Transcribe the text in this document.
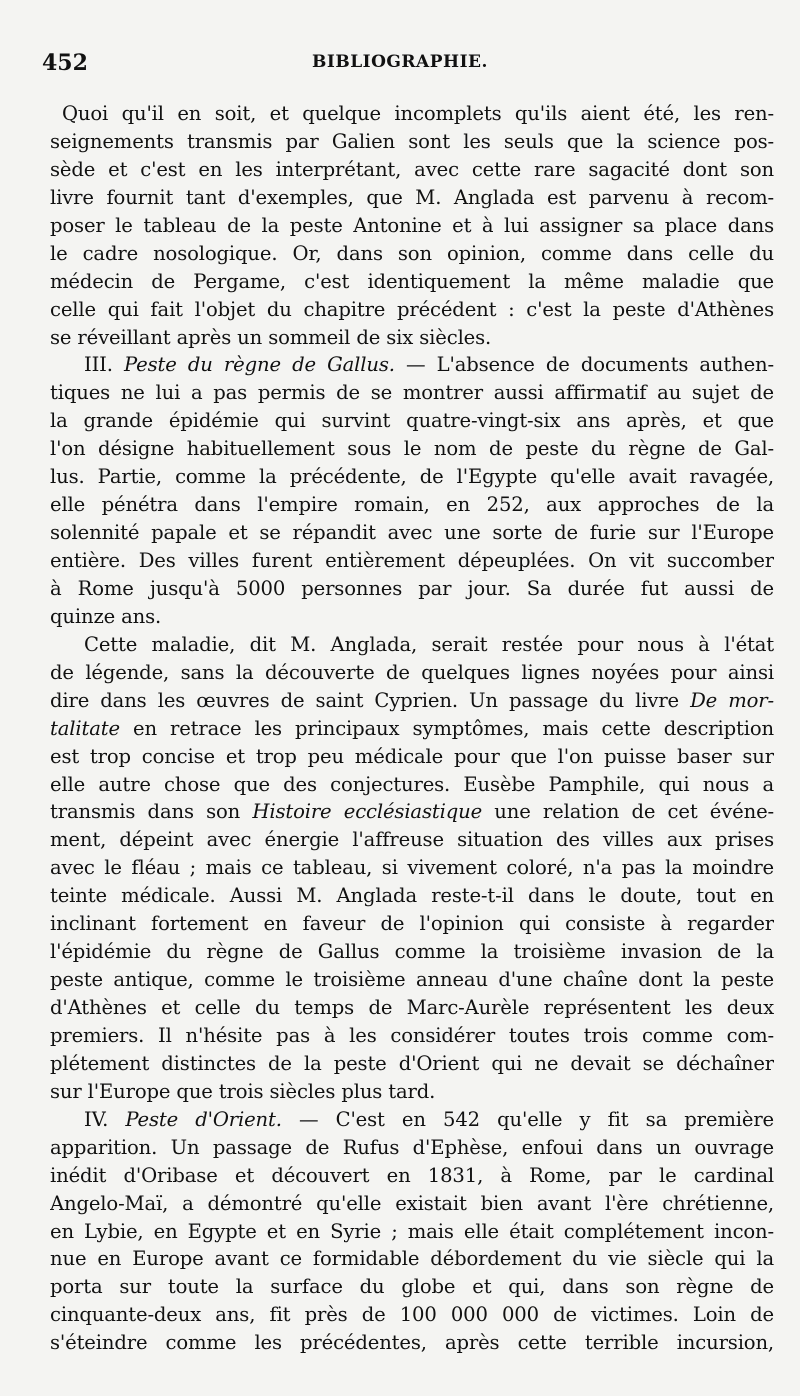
452	BIBLIOGRAPHIE.
Quoi qu'il en soit, et quelque incomplets qu'ils aient été, les ren-
seignements transmis par Galien sont les seuls que la science pos-
sède et c'est en les interprétant, avec cette rare sagacité dont son
livre fournit tant d'exemples, que M. Anglada est parvenu à recom-
poser le tableau de la peste Antonine et à lui assigner sa place dans
le cadre nosologique. Or, dans son opinion, comme dans celle du
médecin de Pergame, c'est identiquement la même maladie que
celle qui fait l'objet du chapitre précédent : c'est la peste d'Athènes
se réveillant après un sommeil de six siècles.
III. Peste du règne de Gallus. — L'absence de documents authen-
tiques ne lui a pas permis de se montrer aussi affirmatif au sujet de
la grande épidémie qui survint quatre-vingt-six ans après, et que
l'on désigne habituellement sous le nom de peste du règne de Gal-
lus. Partie, comme la précédente, de l'Egypte qu'elle avait ravagée,
elle pénétra dans l'empire romain, en 252, aux approches de la
solennité papale et se répandit avec une sorte de furie sur l'Europe
entière. Des villes furent entièrement dépeuplées. On vit succomber
à Rome jusqu'à 5000 personnes par jour. Sa durée fut aussi de
quinze ans.
Cette maladie, dit M. Anglada, serait restée pour nous à l'état
de légende, sans la découverte de quelques lignes noyées pour ainsi
dire dans les œuvres de saint Cyprien. Un passage du livre De mor-
talitate en retrace les principaux symptômes, mais cette description
est trop concise et trop peu médicale pour que l'on puisse baser sur
elle autre chose que des conjectures. Eusèbe Pamphile, qui nous a
transmis dans son Histoire ecclésiastique une relation de cet événe-
ment, dépeint avec énergie l'affreuse situation des villes aux prises
avec le fléau ; mais ce tableau, si vivement coloré, n'a pas la moindre
teinte médicale. Aussi M. Anglada reste-t-il dans le doute, tout en
inclinant fortement en faveur de l'opinion qui consiste à regarder
l'épidémie du règne de Gallus comme la troisième invasion de la
peste antique, comme le troisième anneau d'une chaîne dont la peste
d'Athènes et celle du temps de Marc-Aurèle représentent les deux
premiers. Il n'hésite pas à les considérer toutes trois comme com-
plétement distinctes de la peste d'Orient qui ne devait se déchaîner
sur l'Europe que trois siècles plus tard.
IV. Peste d'Orient. — C'est en 542 qu'elle y fit sa première
apparition. Un passage de Rufus d'Ephèse, enfoui dans un ouvrage
inédit d'Oribase et découvert en 1831, à Rome, par le cardinal
Angelo-Maï, a démontré qu'elle existait bien avant l'ère chrétienne,
en Lybie, en Egypte et en Syrie ; mais elle était complétement incon-
nue en Europe avant ce formidable débordement du vie siècle qui la
porta sur toute la surface du globe et qui, dans son règne de
cinquante-deux ans, fit près de 100 000 000 de victimes. Loin de
s'éteindre comme les précédentes, après cette terrible incursion,
